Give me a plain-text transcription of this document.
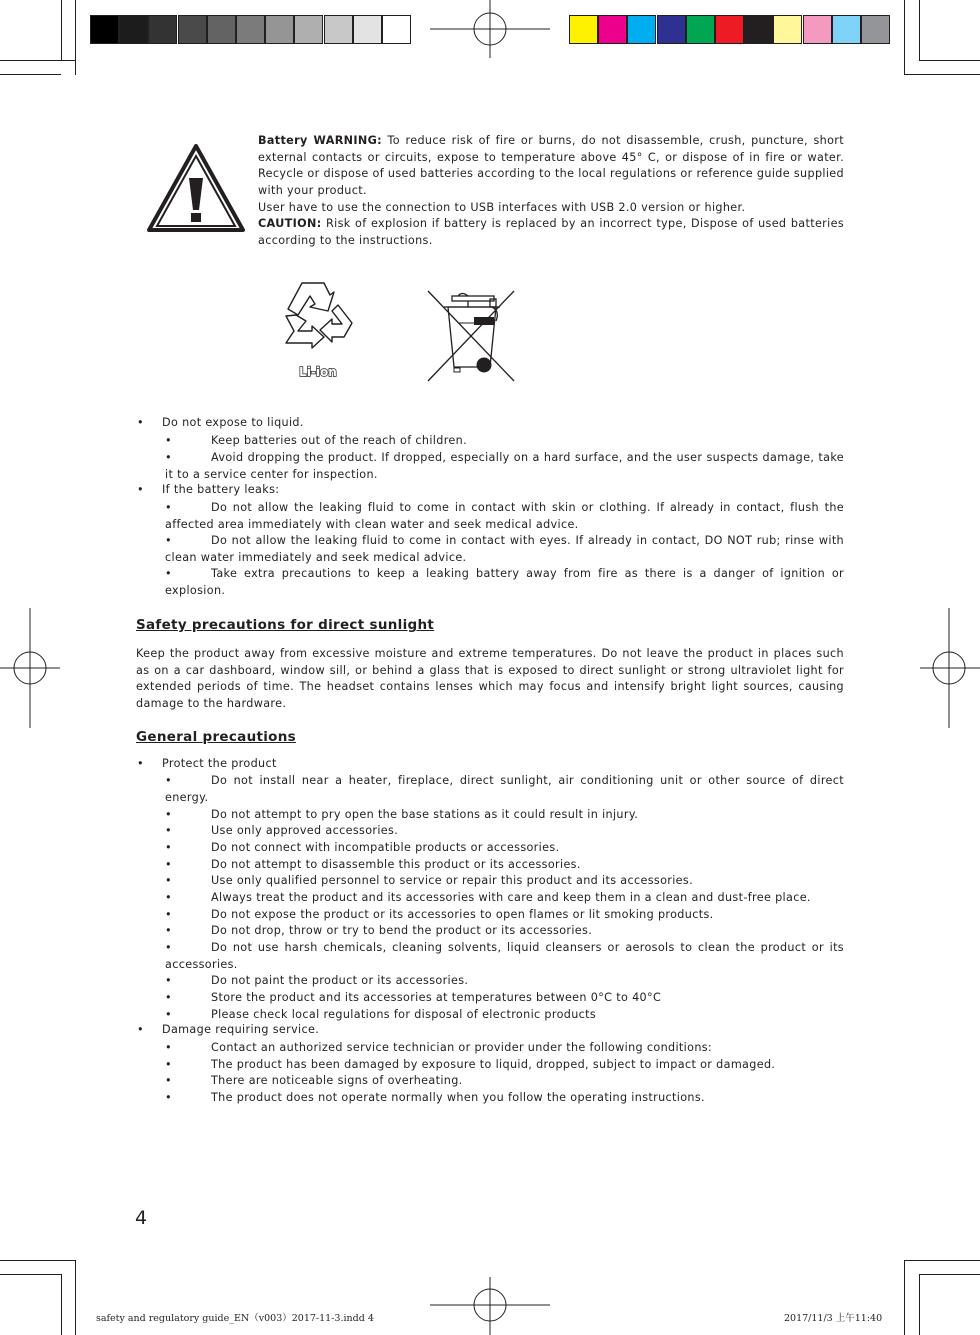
Battery WARNING: To reduce risk of fire or burns, do not disassemble, crush, puncture, short external contacts or circuits, expose to temperature above 45° C, or dispose of in fire or water. Recycle or dispose of used batteries according to the local regulations or reference guide supplied with your product.
User have to use the connection to USB interfaces with USB 2.0 version or higher.
CAUTION: Risk of explosion if battery is replaced by an incorrect type, Dispose of used batteries according to the instructions.
Li-ion
• Do not expose to liquid.
•	Keep batteries out of the reach of children.
•	Avoid dropping the product. If dropped, especially on a hard surface, and the user suspects damage, take it to a service center for inspection.
• If the battery leaks:
•	Do not allow the leaking fluid to come in contact with skin or clothing. If already in contact, flush the affected area immediately with clean water and seek medical advice.
•	Do not allow the leaking fluid to come in contact with eyes. If already in contact, DO NOT rub; rinse with clean water immediately and seek medical advice.
•	Take extra precautions to keep a leaking battery away from fire as there is a danger of ignition or explosion.
Safety precautions for direct sunlight
Keep the product away from excessive moisture and extreme temperatures. Do not leave the product in places such as on a car dashboard, window sill, or behind a glass that is exposed to direct sunlight or strong ultraviolet light for extended periods of time. The headset contains lenses which may focus and intensify bright light sources, causing damage to the hardware.
General precautions
• Protect the product
•	Do not install near a heater, fireplace, direct sunlight, air conditioning unit or other source of direct energy.
•	Do not attempt to pry open the base stations as it could result in injury.
•	Use only approved accessories.
•	Do not connect with incompatible products or accessories.
•	Do not attempt to disassemble this product or its accessories.
•	Use only qualified personnel to service or repair this product and its accessories.
•	Always treat the product and its accessories with care and keep them in a clean and dust-free place.
•	Do not expose the product or its accessories to open flames or lit smoking products.
•	Do not drop, throw or try to bend the product or its accessories.
•	Do not use harsh chemicals, cleaning solvents, liquid cleansers or aerosols to clean the product or its accessories.
•	Do not paint the product or its accessories.
•	Store the product and its accessories at temperatures between 0°C to 40°C
•	Please check local regulations for disposal of electronic products
• Damage requiring service.
•	Contact an authorized service technician or provider under the following conditions:
•	The product has been damaged by exposure to liquid, dropped, subject to impact or damaged.
•	There are noticeable signs of overheating.
•	The product does not operate normally when you follow the operating instructions.
4
safety and regulatory guide_EN（v003）2017-11-3.indd 4	2017/11/3 上午11:40
